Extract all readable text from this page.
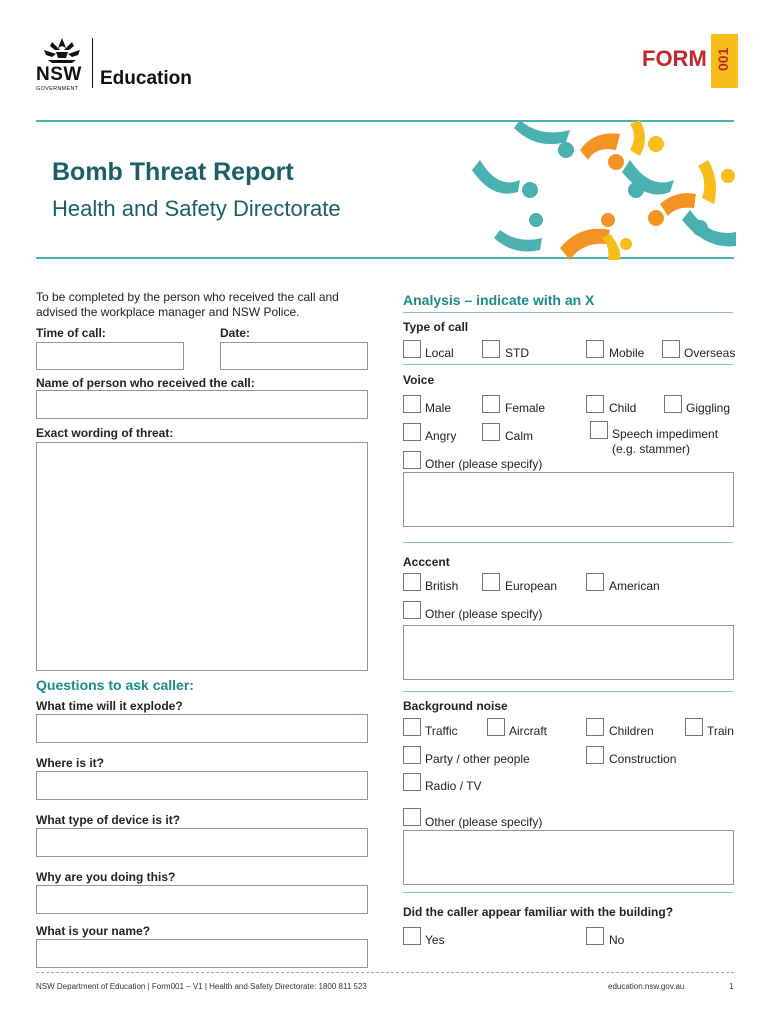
NSW
GOVERNMENT Education
FORM 001
Bomb Threat Report
Health and Safety Directorate
To be completed by the person who received the call and advised the workplace manager and NSW Police.
Time of call:	Date:
Name of person who received the call:
Exact wording of threat:
Questions to ask caller:
What time will it explode?
Where is it?
What type of device is it?
Why are you doing this?
What is your name?
Analysis – indicate with an X
Type of call
Local	STD	Mobile	Overseas
Voice
Male	Female	Child	Giggling
Angry	Calm	Speech impediment
(e.g. stammer)
Other (please specify)
Acccent
British	European	American
Other (please specify)
Background noise
Traffic	Aircraft	Children	Train
Party / other people	Construction
Radio / TV
Other (please specify)
Did the caller appear familiar with the building?
Yes	No
NSW Department of Education | Form001 – V1 | Health and Safety Directorate: 1800 811 523	education.nsw.gov.au	1
